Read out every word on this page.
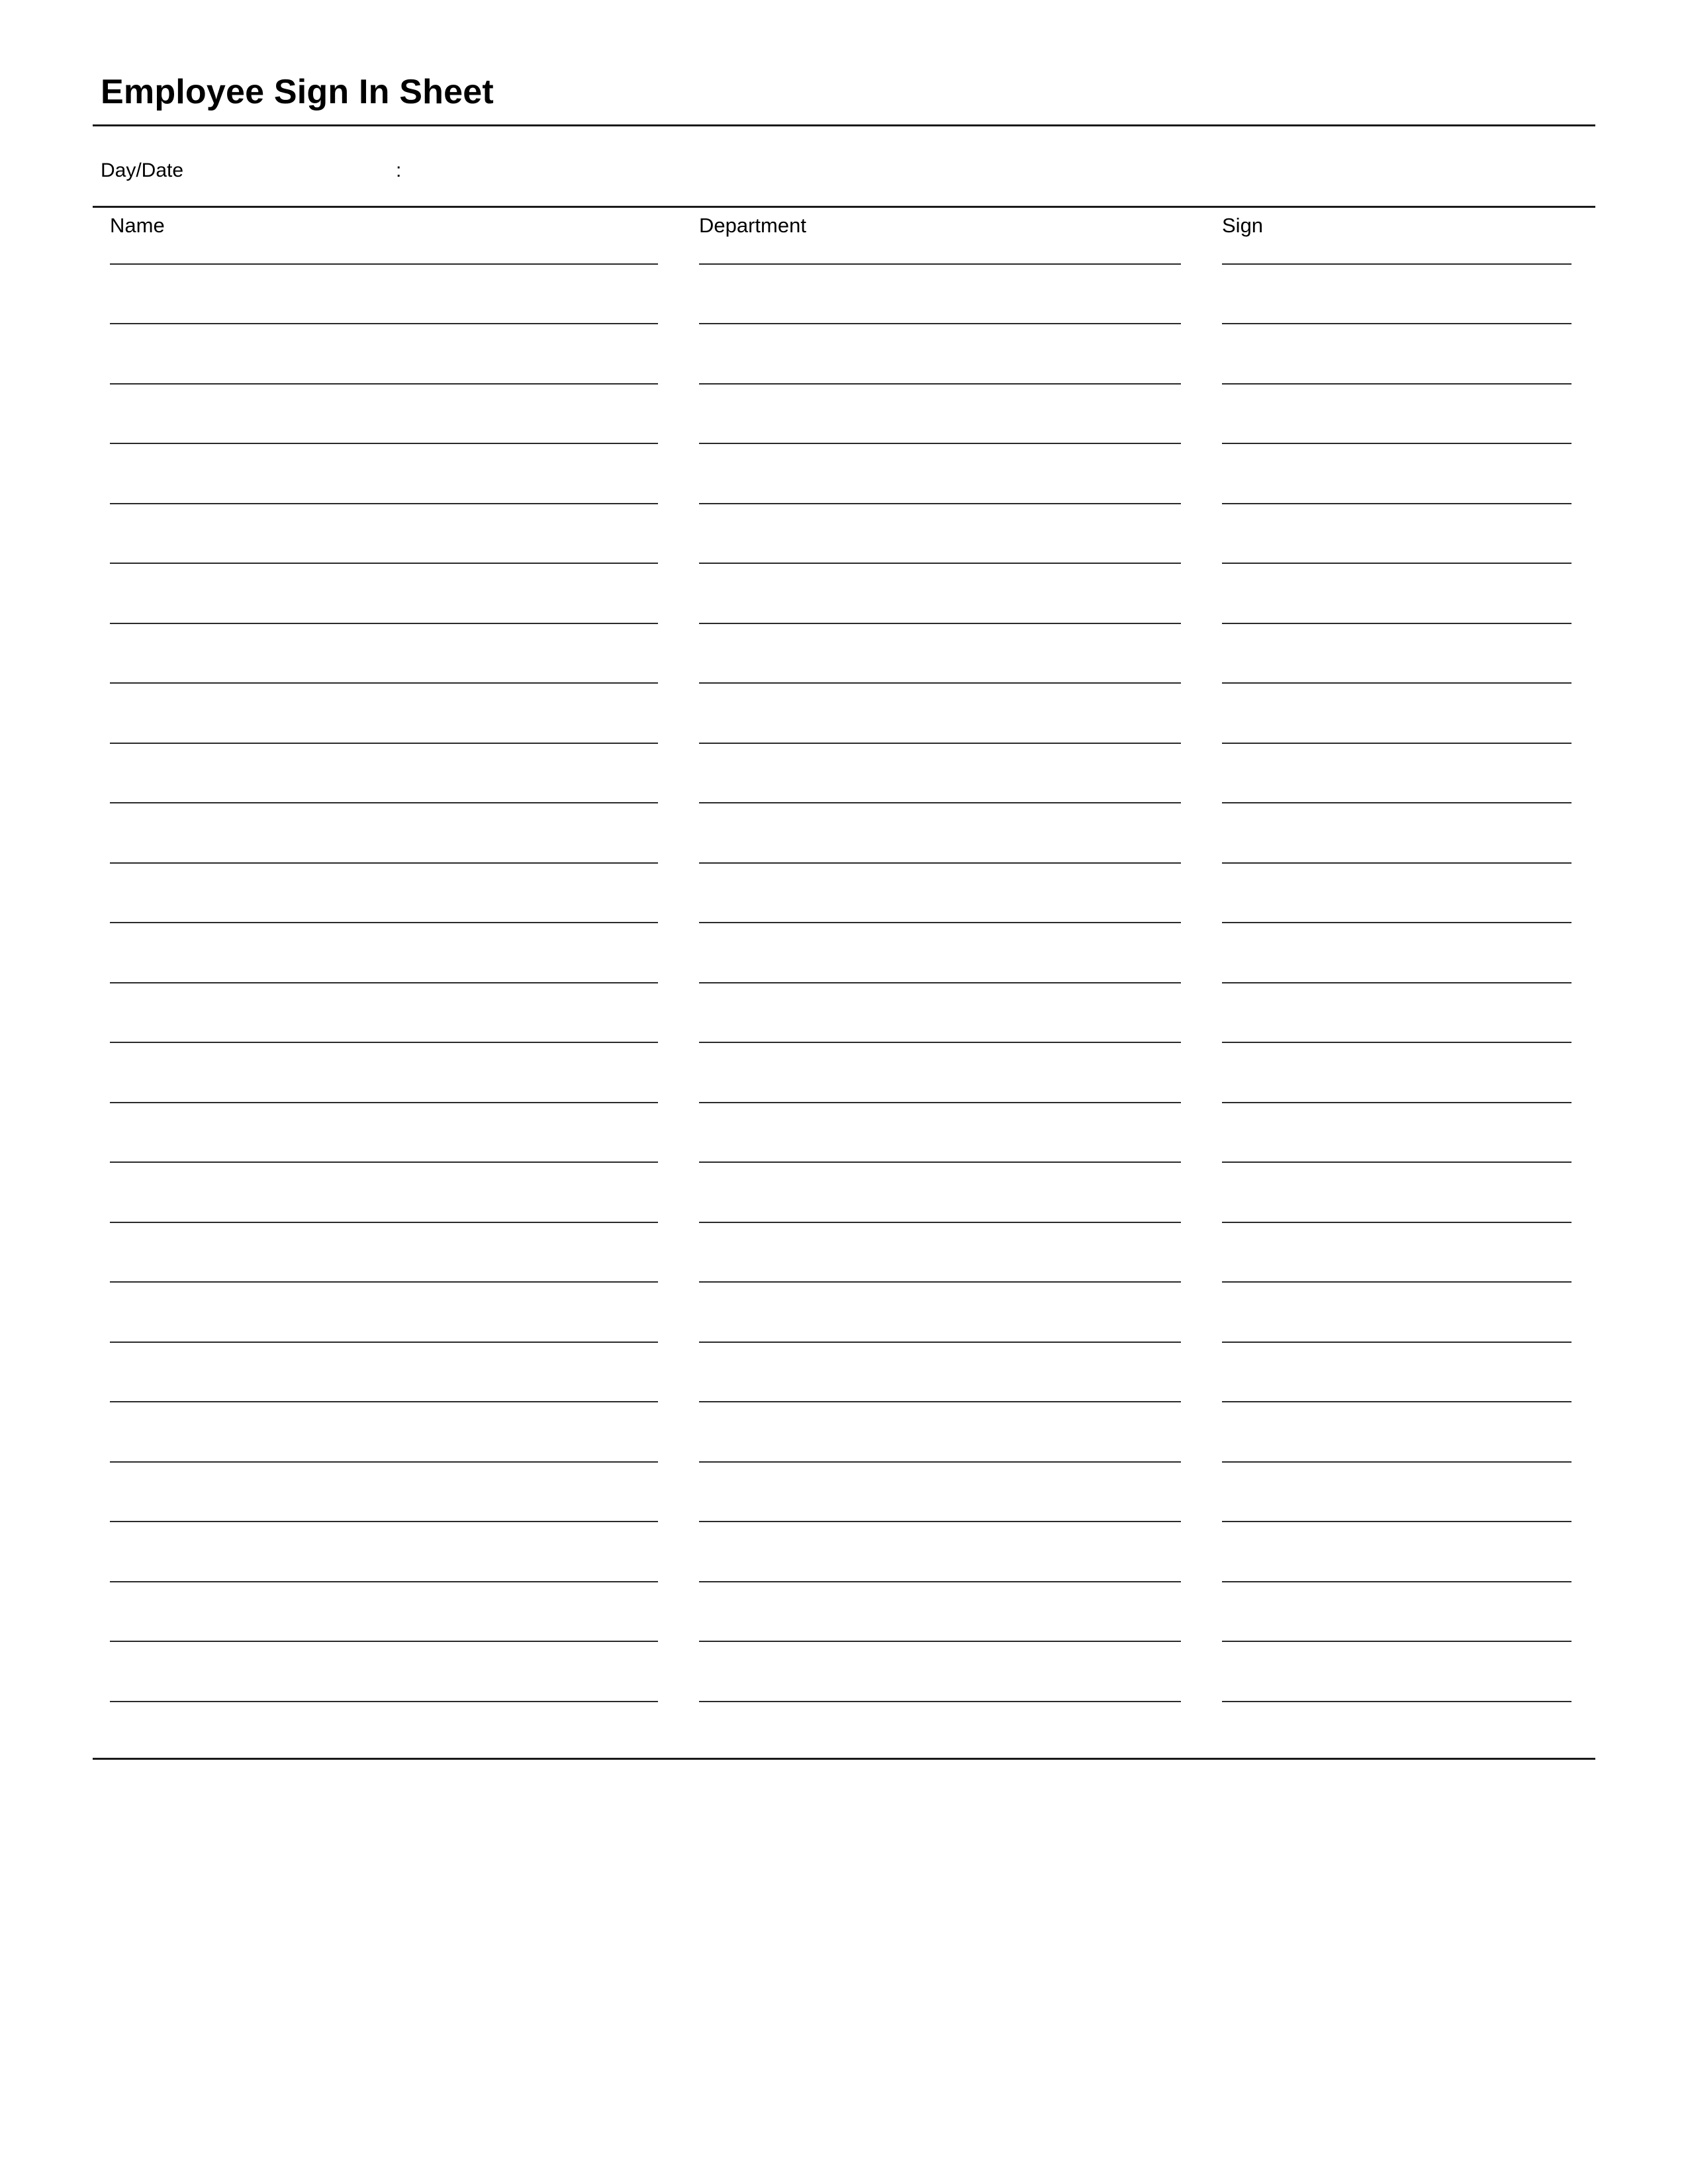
Employee Sign In Sheet
Day/Date	:
Name	Department	Sign
